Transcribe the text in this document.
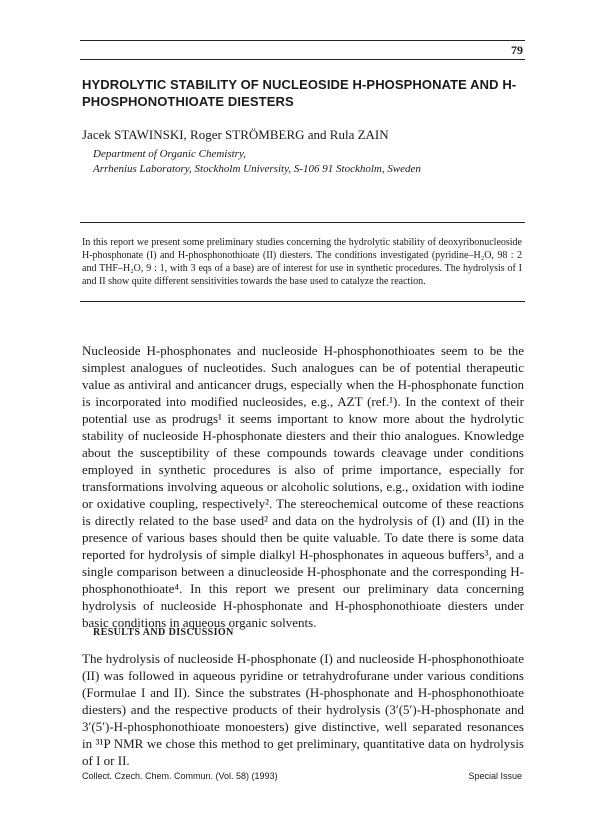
79
HYDROLYTIC STABILITY OF NUCLEOSIDE H-PHOSPHONATE AND H-PHOSPHONOTHIOATE DIESTERS

Jacek STAWINSKI, Roger STRÖMBERG and Rula ZAIN

Department of Organic Chemistry,
Arrhenius Laboratory, Stockholm University, S-106 91 Stockholm, Sweden

In this report we present some preliminary studies concerning the hydrolytic stability of deoxyribonucleoside H-phosphonate (I) and H-phosphonothioate (II) diesters. The conditions investigated (pyridine–H₂O, 98 : 2 and THF–H₂O, 9 : 1, with 3 eqs of a base) are of interest for use in synthetic procedures. The hydrolysis of I and II show quite different sensitivities towards the base used to catalyze the reaction.

Nucleoside H-phosphonates and nucleoside H-phosphonothioates seem to be the simplest analogues of nucleotides. Such analogues can be of potential therapeutic value as antiviral and anticancer drugs, especially when the H-phosphonate function is incorporated into modified nucleosides, e.g., AZT (ref.¹). In the context of their potential use as prodrugs¹ it seems important to know more about the hydrolytic stability of nucleoside H-phosphonate diesters and their thio analogues. Knowledge about the susceptibility of these compounds towards cleavage under conditions employed in synthetic procedures is also of prime importance, especially for transformations involving aqueous or alcoholic solutions, e.g., oxidation with iodine or oxidative coupling, respectively². The stereochemical outcome of these reactions is directly related to the base used² and data on the hydrolysis of (I) and (II) in the presence of various bases should then be quite valuable. To date there is some data reported for hydrolysis of simple dialkyl H-phosphonates in aqueous buffers³, and a single comparison between a dinucleoside H-phosphonate and the corresponding H-phosphonothioate⁴. In this report we present our preliminary data concerning hydrolysis of nucleoside H-phosphonate and H-phosphonothioate diesters under basic conditions in aqueous organic solvents.

RESULTS AND DISCUSSION

The hydrolysis of nucleoside H-phosphonate (I) and nucleoside H-phosphonothioate (II) was followed in aqueous pyridine or tetrahydrofurane under various conditions (Formulae I and II). Since the substrates (H-phosphonate and H-phosphonothioate diesters) and the respective products of their hydrolysis (3′(5′)-H-phosphonate and 3′(5′)-H-phosphonothioate monoesters) give distinctive, well separated resonances in ³¹P NMR we chose this method to get preliminary, quantitative data on hydrolysis of I or II.

Collect. Czech. Chem. Commun. (Vol. 58) (1993)	Special Issue
